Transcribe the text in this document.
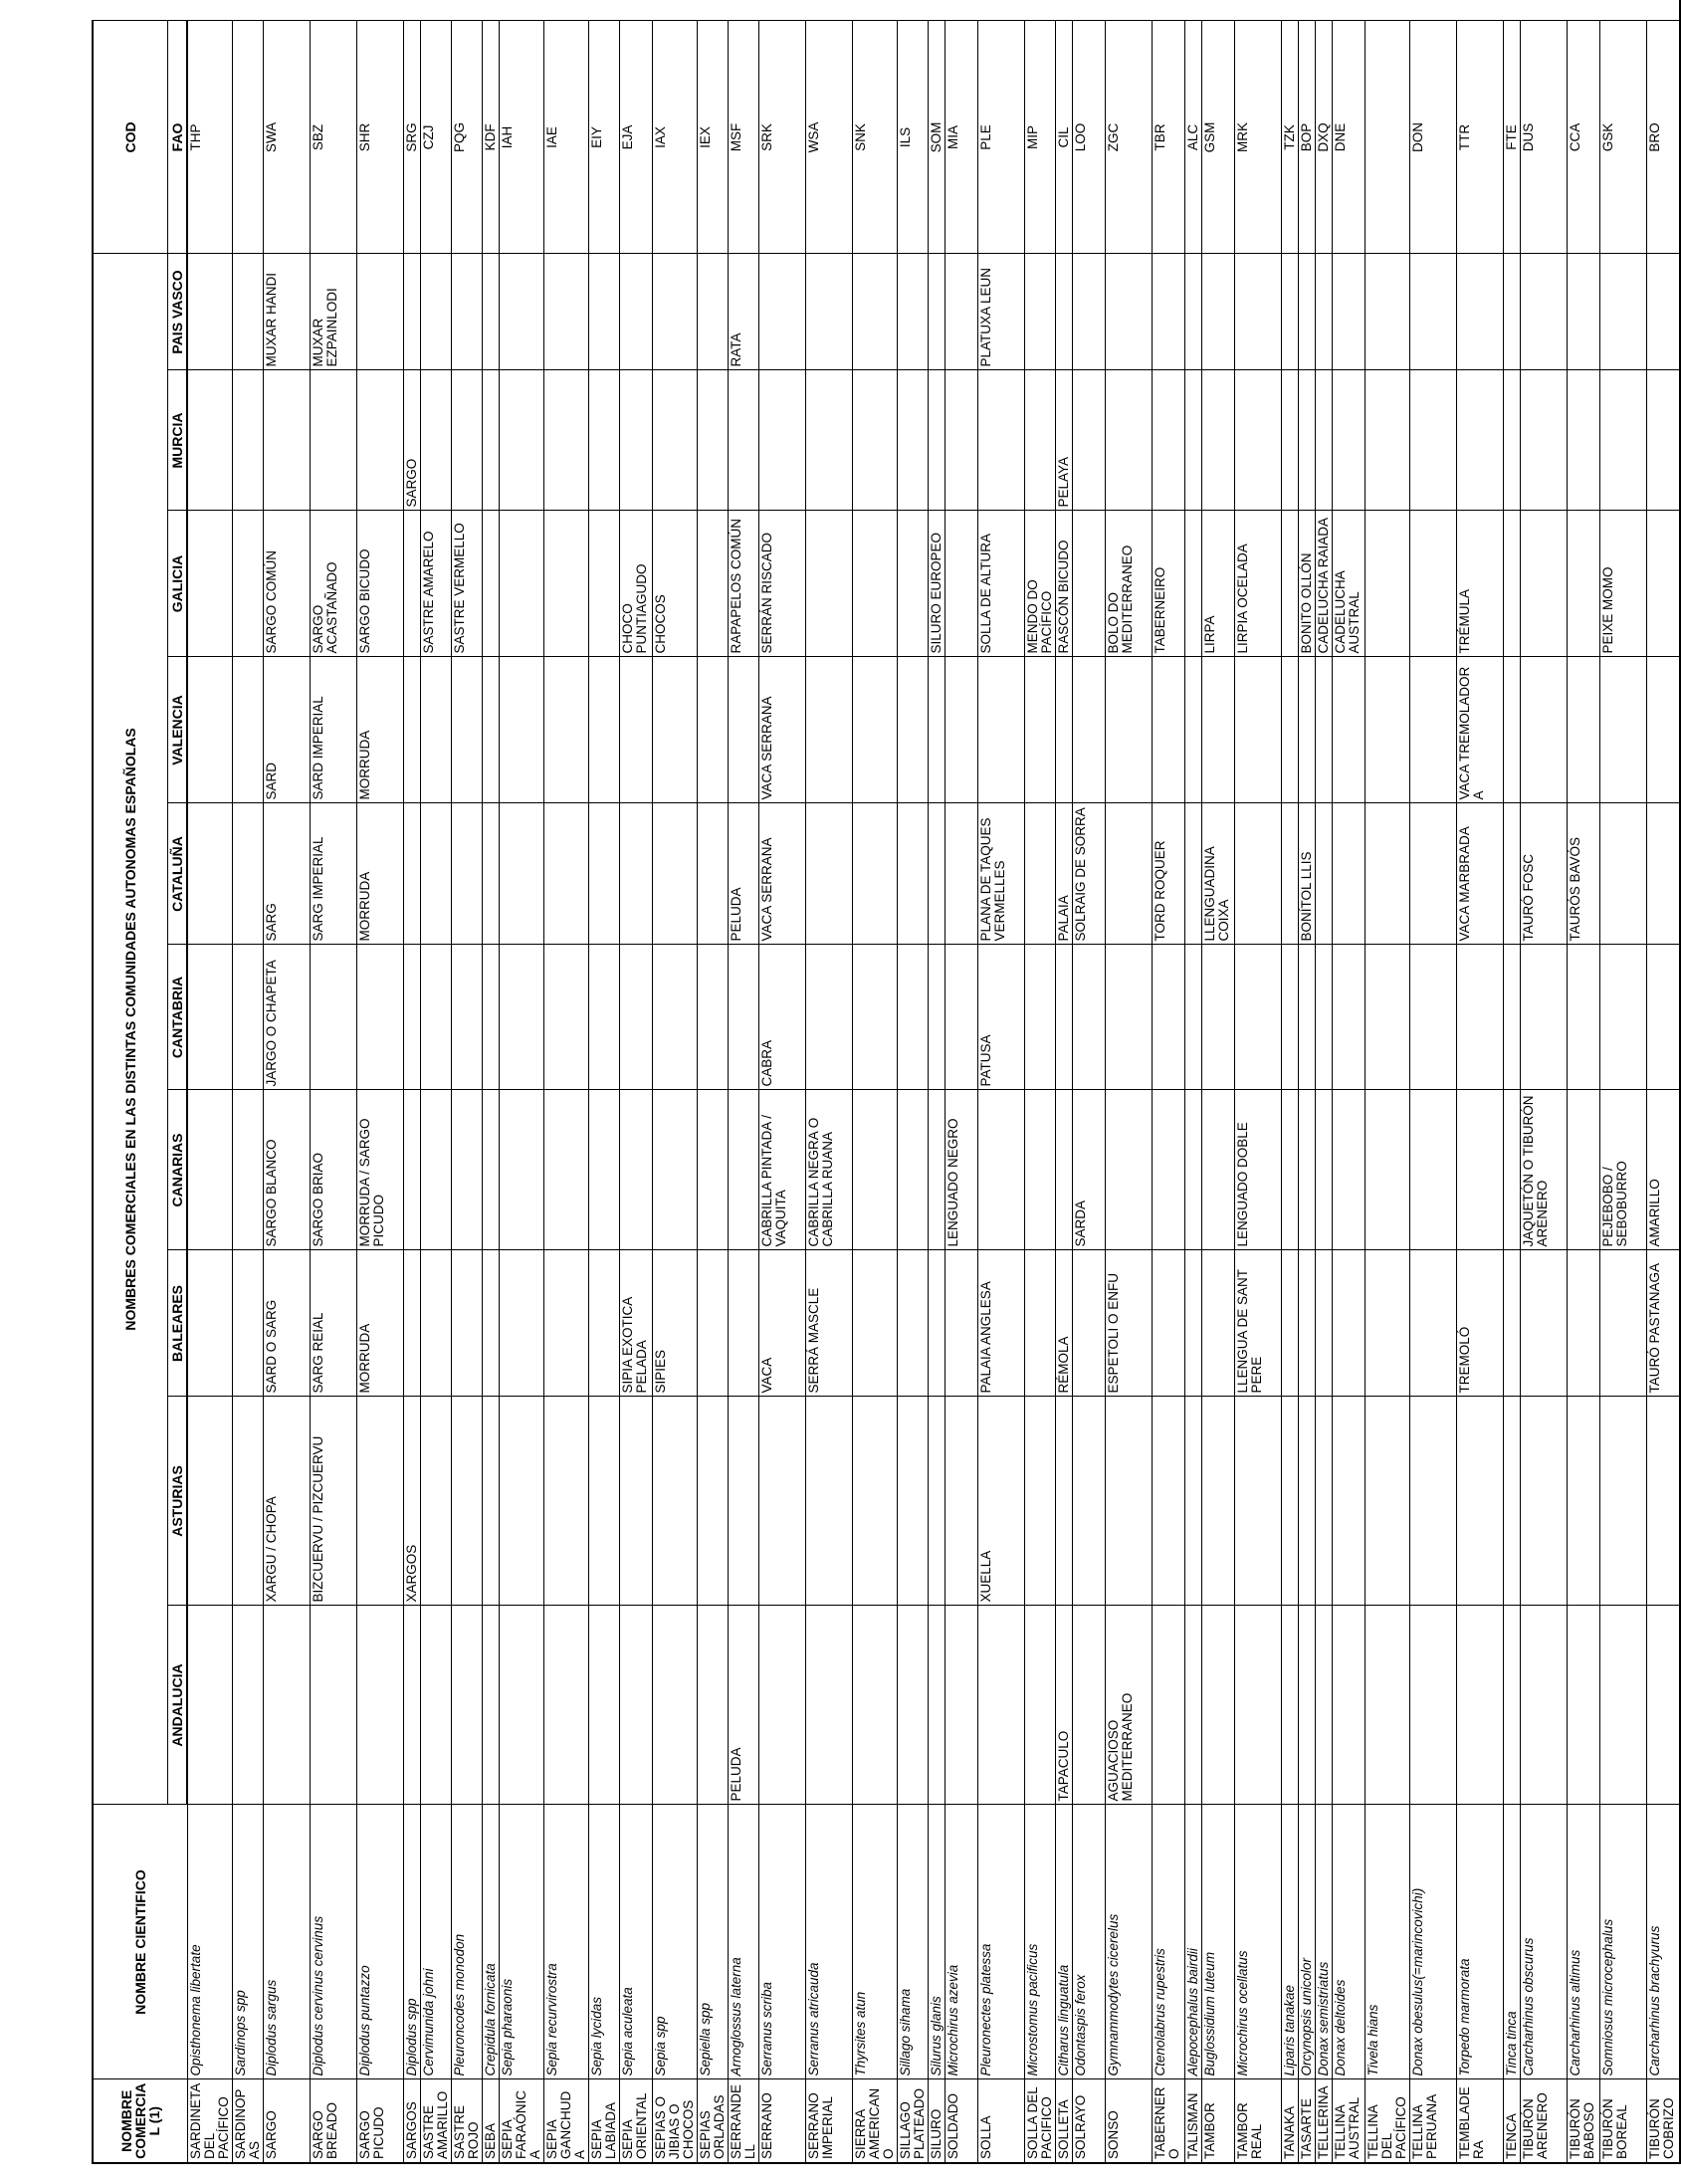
NOMBRE COMERCIAL (1)	NOMBRE CIENTIFICO	NOMBRES COMERCIALES EN LAS DISTINTAS COMUNIDADES AUTONOMAS ESPAÑOLAS										COD
		ANDALUCIA	ASTURIAS	BALEARES	CANARIAS	CANTABRIA	CATALUÑA	VALENCIA	GALICIA	MURCIA	PAIS VASCO	FAO
SARDINETA DEL PACÍFICO	Opisthonema libertate											THP
SARDINOPAS	Sardinops spp											
SARGO	Diplodus sargus		XARGU / CHOPA	SARD O SARG	SARGO BLANCO	JARGO O CHAPETA	SARG	SARD	SARGO COMÚN		MUXAR HANDI	SWA
SARGO BREADO	Diplodus cervinus cervinus		BIZCUERVU / PIZCUERVU	SARG REIAL	SARGO BRIAO		SARG IMPERIAL	SARD IMPERIAL	SARGO ACASTAÑADO		MUXAR EZPAINLODI	SBZ
SARGO PICUDO	Diplodus puntazzo			MORRUDA	MORRUDA / SARGO PICUDO		MORRUDA	MORRUDA	SARGO BICUDO			SHR
SARGOS	Diplodus spp		XARGOS							SARGO		SRG
SASTRE AMARILLO	Cervimunida johni								SASTRE AMARELO			CZJ
SASTRE ROJO	Pleuroncodes monodon								SASTRE VERMELLO			PQG
SEBA	Crepidula fornicata											KDF
SEPIA FARAÓNICA	Sepia pharaonis											IAH
SEPIA GANCHUDA	Sepia recurvirostra											IAE
SEPIA LABIADA	Sepia lycidas											EIY
SEPIA ORIENTAL	Sepia aculeata			SIPIA EXOTICA PELADA					CHOCO PUNTIAGUDO			EJA
SEPIAS O JIBIAS O CHOCOS	Sepia spp			SIPIES					CHOCOS			IAX
SEPIAS ORLADAS	Sepiella spp											IEX
SERRANDELL	Arnoglossus laterna	PELUDA					PELUDA		RAPAPELOS COMÚN		RATA	MSF
SERRANO	Serranus scriba			VACA	CABRILLA PINTADA / VAQUITA	CABRA	VACA SERRANA	VACA SERRANA	SERRÁN RISCADO			SRK
SERRANO IMPERIAL	Serranus atricauda			SERRÁ MASCLE	CABRILLA NEGRA O CABRILLA RUANA							WSA
SIERRA AMERICANO	Thyrsites atun											SNK
SILLAGO PLATEADO	Sillago sihama											ILS
SILURO	Silurus glanis								SILURO EUROPEO			SOM
SOLDADO	Microchirus azevia				LENGUADO NEGRO							MIA
SOLLA	Pleuronectes platessa		XUELLA	PALAIA ANGLESA		PATUSA	PLANA DE TAQUES VERMELLES		SOLLA DE ALTURA		PLATUXA LEUN	PLE
SOLLA DEL PACIFICO	Microstomus pacificus								MENDO DO PACÍFICO			MIP
SOLLETA	Citharus linguatula	TAPACULO		RÉMOLA			PALAIA		RASCÓN BICUDO	PELAYA		CIL
SOLRAYO	Odontaspis ferox				SARDA		SOLRAIG DE SORRA					LOO
SONSO	Gymnammodytes cicerelus	AGUACIOSO MEDITERRANEO		ESPETOLI O ENFU					BOLO DO MEDITERRANEO			ZGC
TABERNERO	Ctenolabrus rupestris						TORD ROQUER		TABERNEIRO			TBR
TALISMAN	Alepocephalus bairdii											ALC
TAMBOR	Buglossidium luteum						LLENGUADINA COIXA		LIRPA			GSM
TAMBOR REAL	Microchirus ocellatus			LLENGUA DE SANT PERE	LENGUADO DOBLE				LIRPIA OCELADA			MRK
TANAKA	Liparis tanakae											TZK
TASARTE	Orcynopsis unicolor						BONÍTOL LLIS		BONITO OLLÓN			BOP
TELLERINA	Donax semistriatus								CADELUCHA RAIADA			DXQ
TELLINA AUSTRAL	Donax deltoides								CADELUCHA AUSTRAL			DNE
TELLINA DEL PACÍFICO	Tivela hians											
TELLINA PERUANA	Donax obesulus(=marincovichi)											DON
TEMBLADERA	Torpedo marmorata			TREMOLÓ			VACA MARBRADA	VACA TREMOLADOR A	TRÉMULA			TTR
TENCA	Tinca tinca											FTE
TIBURÓN ARENERO	Carcharhinus obscurus				JAQUETÓN O TIBURÓN ARENERO		TAURÓ FOSC					DUS
TIBURÓN BABOSO	Carcharhinus altimus						TAURÓS BAVÓS					CCA
TIBURÓN BOREAL	Somniosus microcephalus				PEJEBOBO / SEBOBURRO				PEIXE MOMO			GSK
TIBURÓN COBRIZO	Carcharhinus brachyurus			TAURÓ PASTANAGA	AMARILLO							BRO
